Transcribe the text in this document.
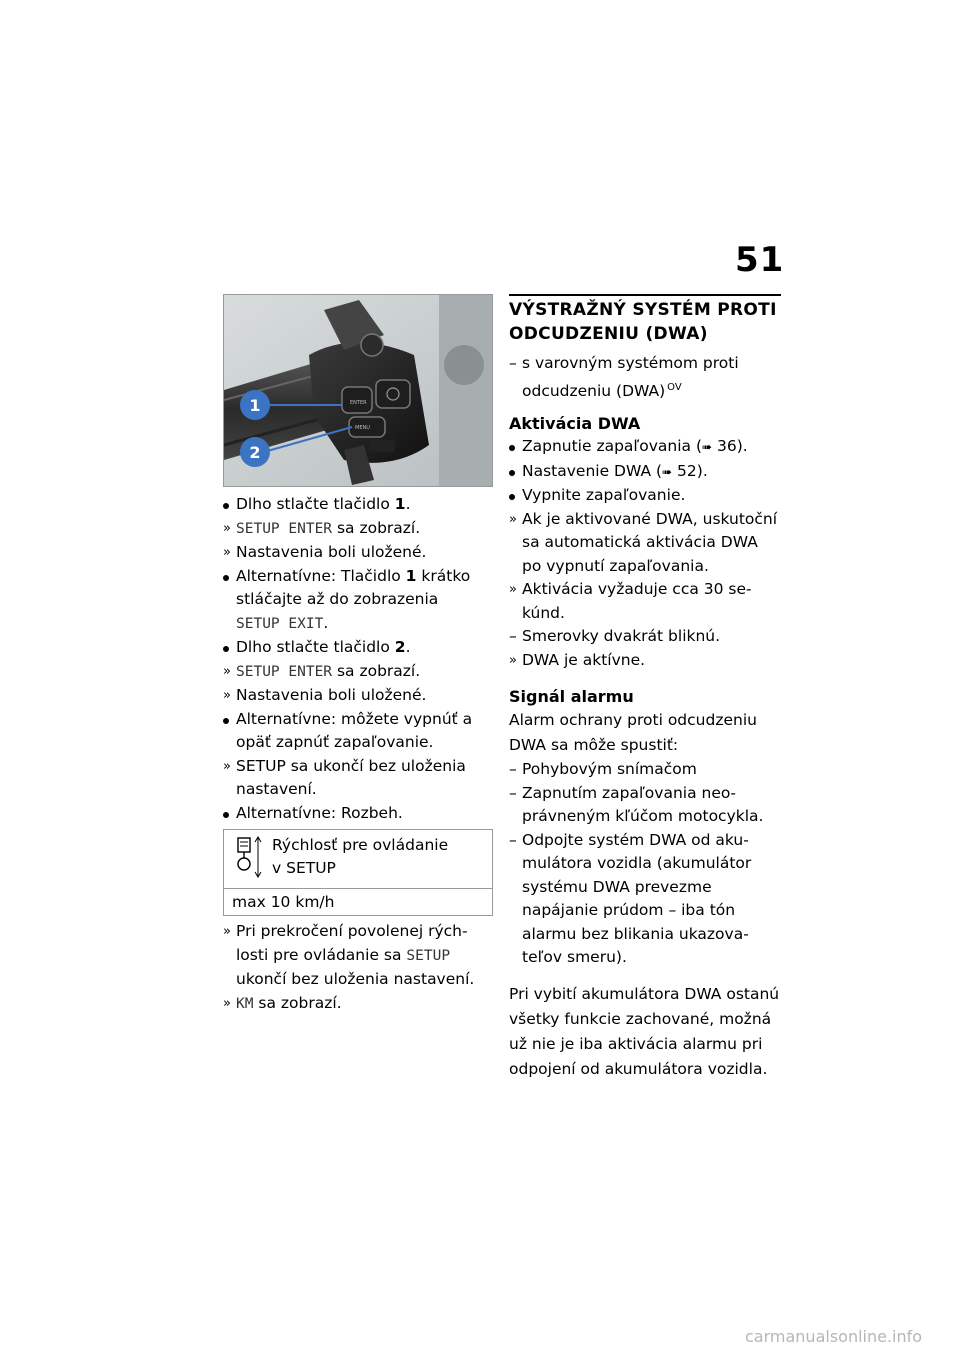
51
1
2
ENTER
MENU
Dlho stlačte tlačidlo 1.
» SETUP ENTER sa zobrazí.
» Nastavenia boli uložené.
Alternatívne: Tlačidlo 1 krátko stláčajte až do zobrazenia
SETUP EXIT.
Dlho stlačte tlačidlo 2.
» SETUP ENTER sa zobrazí.
» Nastavenia boli uložené.
Alternatívne: môžete vypnúť a opäť zapnúť zapaľovanie.
» SETUP sa ukončí bez uloženia nastavení.
Alternatívne: Rozbeh.
Rýchlosť pre ovládanie
v SETUP
max 10 km/h
» Pri prekročení povolenej rýchlosti pre ovládanie sa SETUP ukončí bez uloženia nastavení.
» KM sa zobrazí.
VÝSTRAŽNÝ SYSTÉM PROTI
ODCUDZENIU (DWA)
– s varovným systémom proti odcudzeniu (DWA) $^{OV}$
Aktivácia DWA
Zapnutie zapaľovania (➠ 36).
Nastavenie DWA (➠ 52).
Vypnite zapaľovanie.
» Ak je aktivované DWA, uskutoční sa automatická aktivácia DWA po vypnutí zapaľovania.
» Aktivácia vyžaduje cca 30 sekúnd.
– Smerovky dvakrát bliknú.
» DWA je aktívne.
Signál alarmu
Alarm ochrany proti odcudzeniu DWA sa môže spustiť:
– Pohybovým snímačom
– Zapnutím zapaľovania neoprávneným kľúčom motocykla.
– Odpojte systém DWA od akumulátora vozidla (akumulátor systému DWA prevezme napájanie prúdom – iba tón alarmu bez blikania ukazovateľov smeru).
Pri vybití akumulátora DWA ostanú všetky funkcie zachované, možná už nie je iba aktivácia alarmu pri odpojení od akumulátora vozidla.
carmanualsonline.info
